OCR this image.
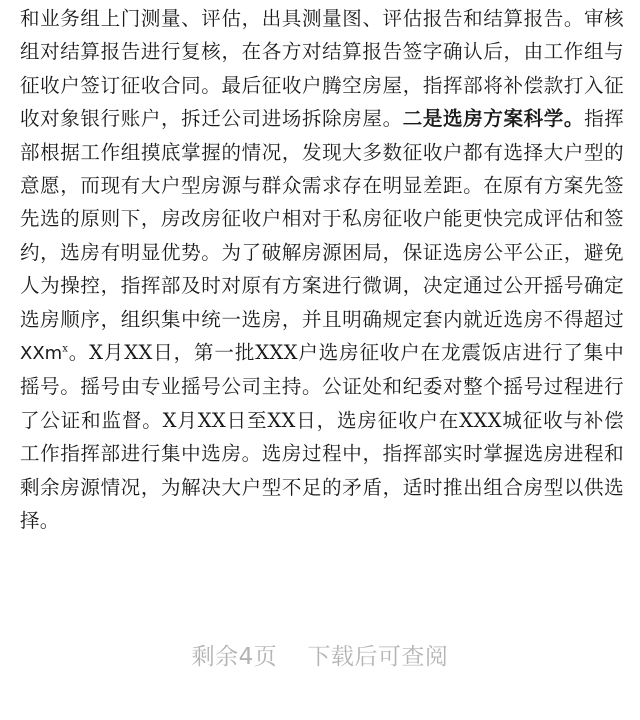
和业务组上门测量、评估，出具测量图、评估报告和结算报告。审核组对结算报告进行复核，在各方对结算报告签字确认后，由工作组与征收户签订征收合同。最后征收户腾空房屋，指挥部将补偿款打入征收对象银行账户，拆迁公司进场拆除房屋。二是选房方案科学。指挥部根据工作组摸底掌握的情况，发现大多数征收户都有选择大户型的意愿，而现有大户型房源与群众需求存在明显差距。在原有方案先签先选的原则下，房改房征收户相对于私房征收户能更快完成评估和签约，选房有明显优势。为了破解房源困局，保证选房公平公正，避免人为操控，指挥部及时对原有方案进行微调，决定通过公开摇号确定选房顺序，组织集中统一选房，并且明确规定套内就近选房不得超过XXm$^x$。X月XX日，第一批XXX户选房征收户在龙震饭店进行了集中摇号。摇号由专业摇号公司主持。公证处和纪委对整个摇号过程进行了公证和监督。X月XX日至XX日，选房征收户在XXX城征收与补偿工作指挥部进行集中选房。选房过程中，指挥部实时掌握选房进程和剩余房源情况，为解决大户型不足的矛盾，适时推出组合房型以供选择。

剩余4页 下载后可查阅
